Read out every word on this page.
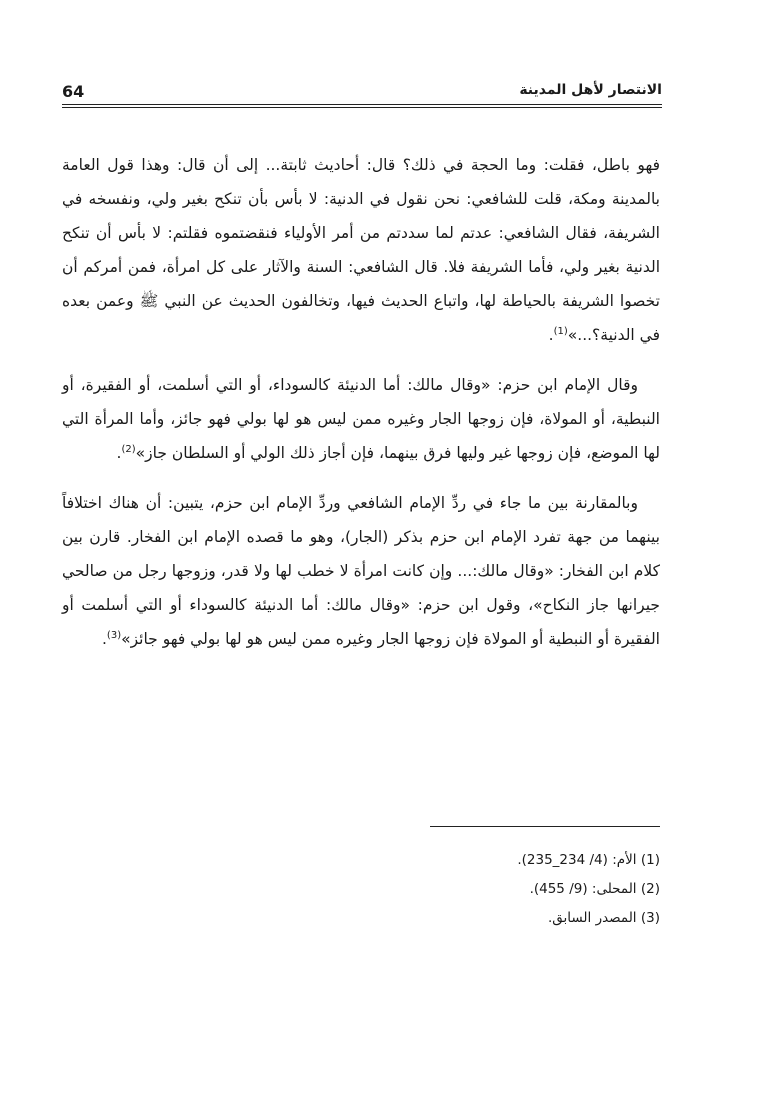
64	الانتصار لأهل المدينة

فهو باطل، فقلت: وما الحجة في ذلك؟ قال: أحاديث ثابتة... إلى أن قال: وهذا قول العامة بالمدينة ومكة، قلت للشافعي: نحن نقول في الدنية: لا بأس بأن تنكح بغير ولي، ونفسخه في الشريفة، فقال الشافعي: عدتم لما سددتم من أمر الأولياء فنقضتموه فقلتم: لا بأس أن تنكح الدنية بغير ولي، فأما الشريفة فلا. قال الشافعي: السنة والآثار على كل امرأة، فمن أمركم أن تخصوا الشريفة بالحياطة لها، واتباع الحديث فيها، وتخالفون الحديث عن النبي ﷺ وعمن بعده في الدنية؟...»$^{(1)}$.

وقال الإمام ابن حزم: «وقال مالك: أما الدنيئة كالسوداء، أو التي أسلمت، أو الفقيرة، أو النبطية، أو المولاة، فإن زوجها الجار وغيره ممن ليس هو لها بولي فهو جائز، وأما المرأة التي لها الموضع، فإن زوجها غير وليها فرق بينهما، فإن أجاز ذلك الولي أو السلطان جاز»$^{(2)}$.

وبالمقارنة بين ما جاء في ردِّ الإمام الشافعي وردِّ الإمام ابن حزم، يتبين: أن هناك اختلافاً بينهما من جهة تفرد الإمام ابن حزم بذكر (الجار)، وهو ما قصده الإمام ابن الفخار. قارن بين كلام ابن الفخار: «وقال مالك:... وإن كانت امرأة لا خطب لها ولا قدر، وزوجها رجل من صالحي جيرانها جاز النكاح»، وقول ابن حزم: «وقال مالك: أما الدنيئة كالسوداء أو التي أسلمت أو الفقيرة أو النبطية أو المولاة فإن زوجها الجار وغيره ممن ليس هو لها بولي فهو جائز»$^{(3)}$.

(1) الأم: (4/ 234_235).
(2) المحلى: (9/ 455).
(3) المصدر السابق.
